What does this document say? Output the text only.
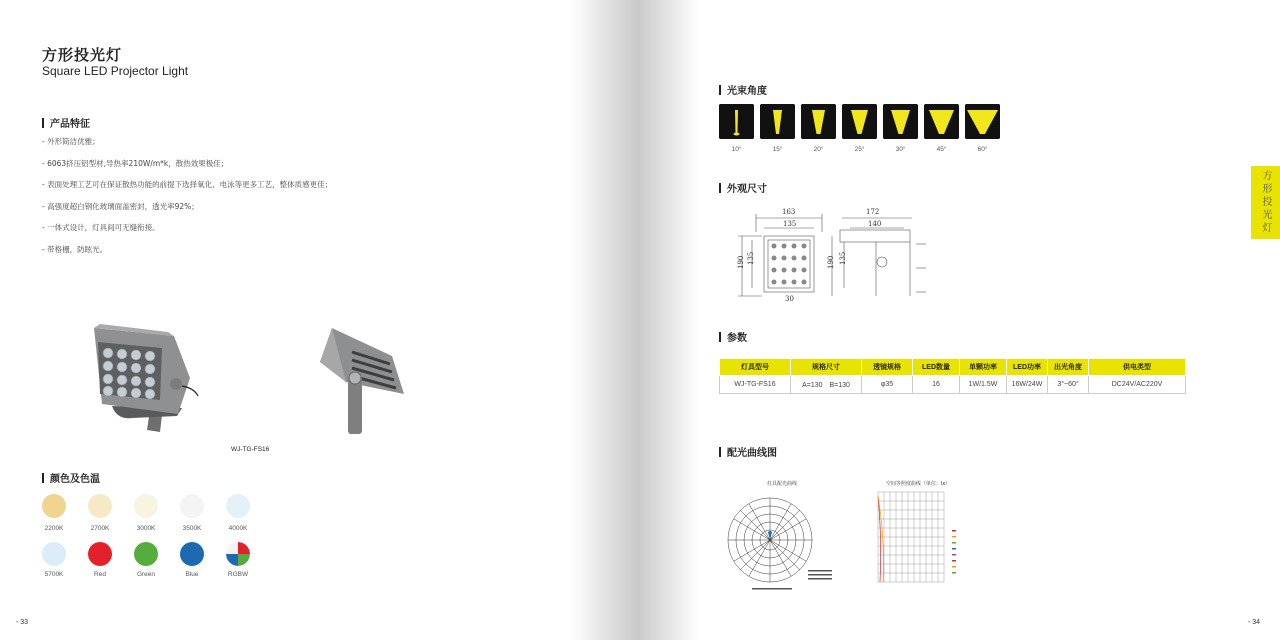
方形投光灯
Square LED Projector Light
产品特征
- 外形简洁优雅；
- 6063挤压铝型材,导热率210W/m*k，散热效果极佳；
- 表面处理工艺可在保证散热功能的前提下选择氧化、电泳等更多工艺，整体质感更佳；
- 高强度超白钢化玻璃面盖密封，透光率92%；
- 一体式设计，灯具间可无缝衔接。
- 带格栅，防眩光。
WJ-TG-FS16
颜色及色温
2200K	2700K	3000K	3500K	4000K
5700K	Red	Green	Blue	RGBW
- 33
光束角度
10°	15°	20°	25°	30°	45°	60°
外观尺寸
163
135
172
140
190 135	190 135
30
参数
灯具型号	规格尺寸	透镜规格	LED数量	单颗功率	LED功率	出光角度	供电类型
WJ-TG-FS16	A=130　B=130	φ35	16	1W/1.5W	16W/24W	3°~60°	DC24V/AC220V
配光曲线图
灯具配光曲线	空间等照度曲线（单位：lx）
方形投光灯
- 34
